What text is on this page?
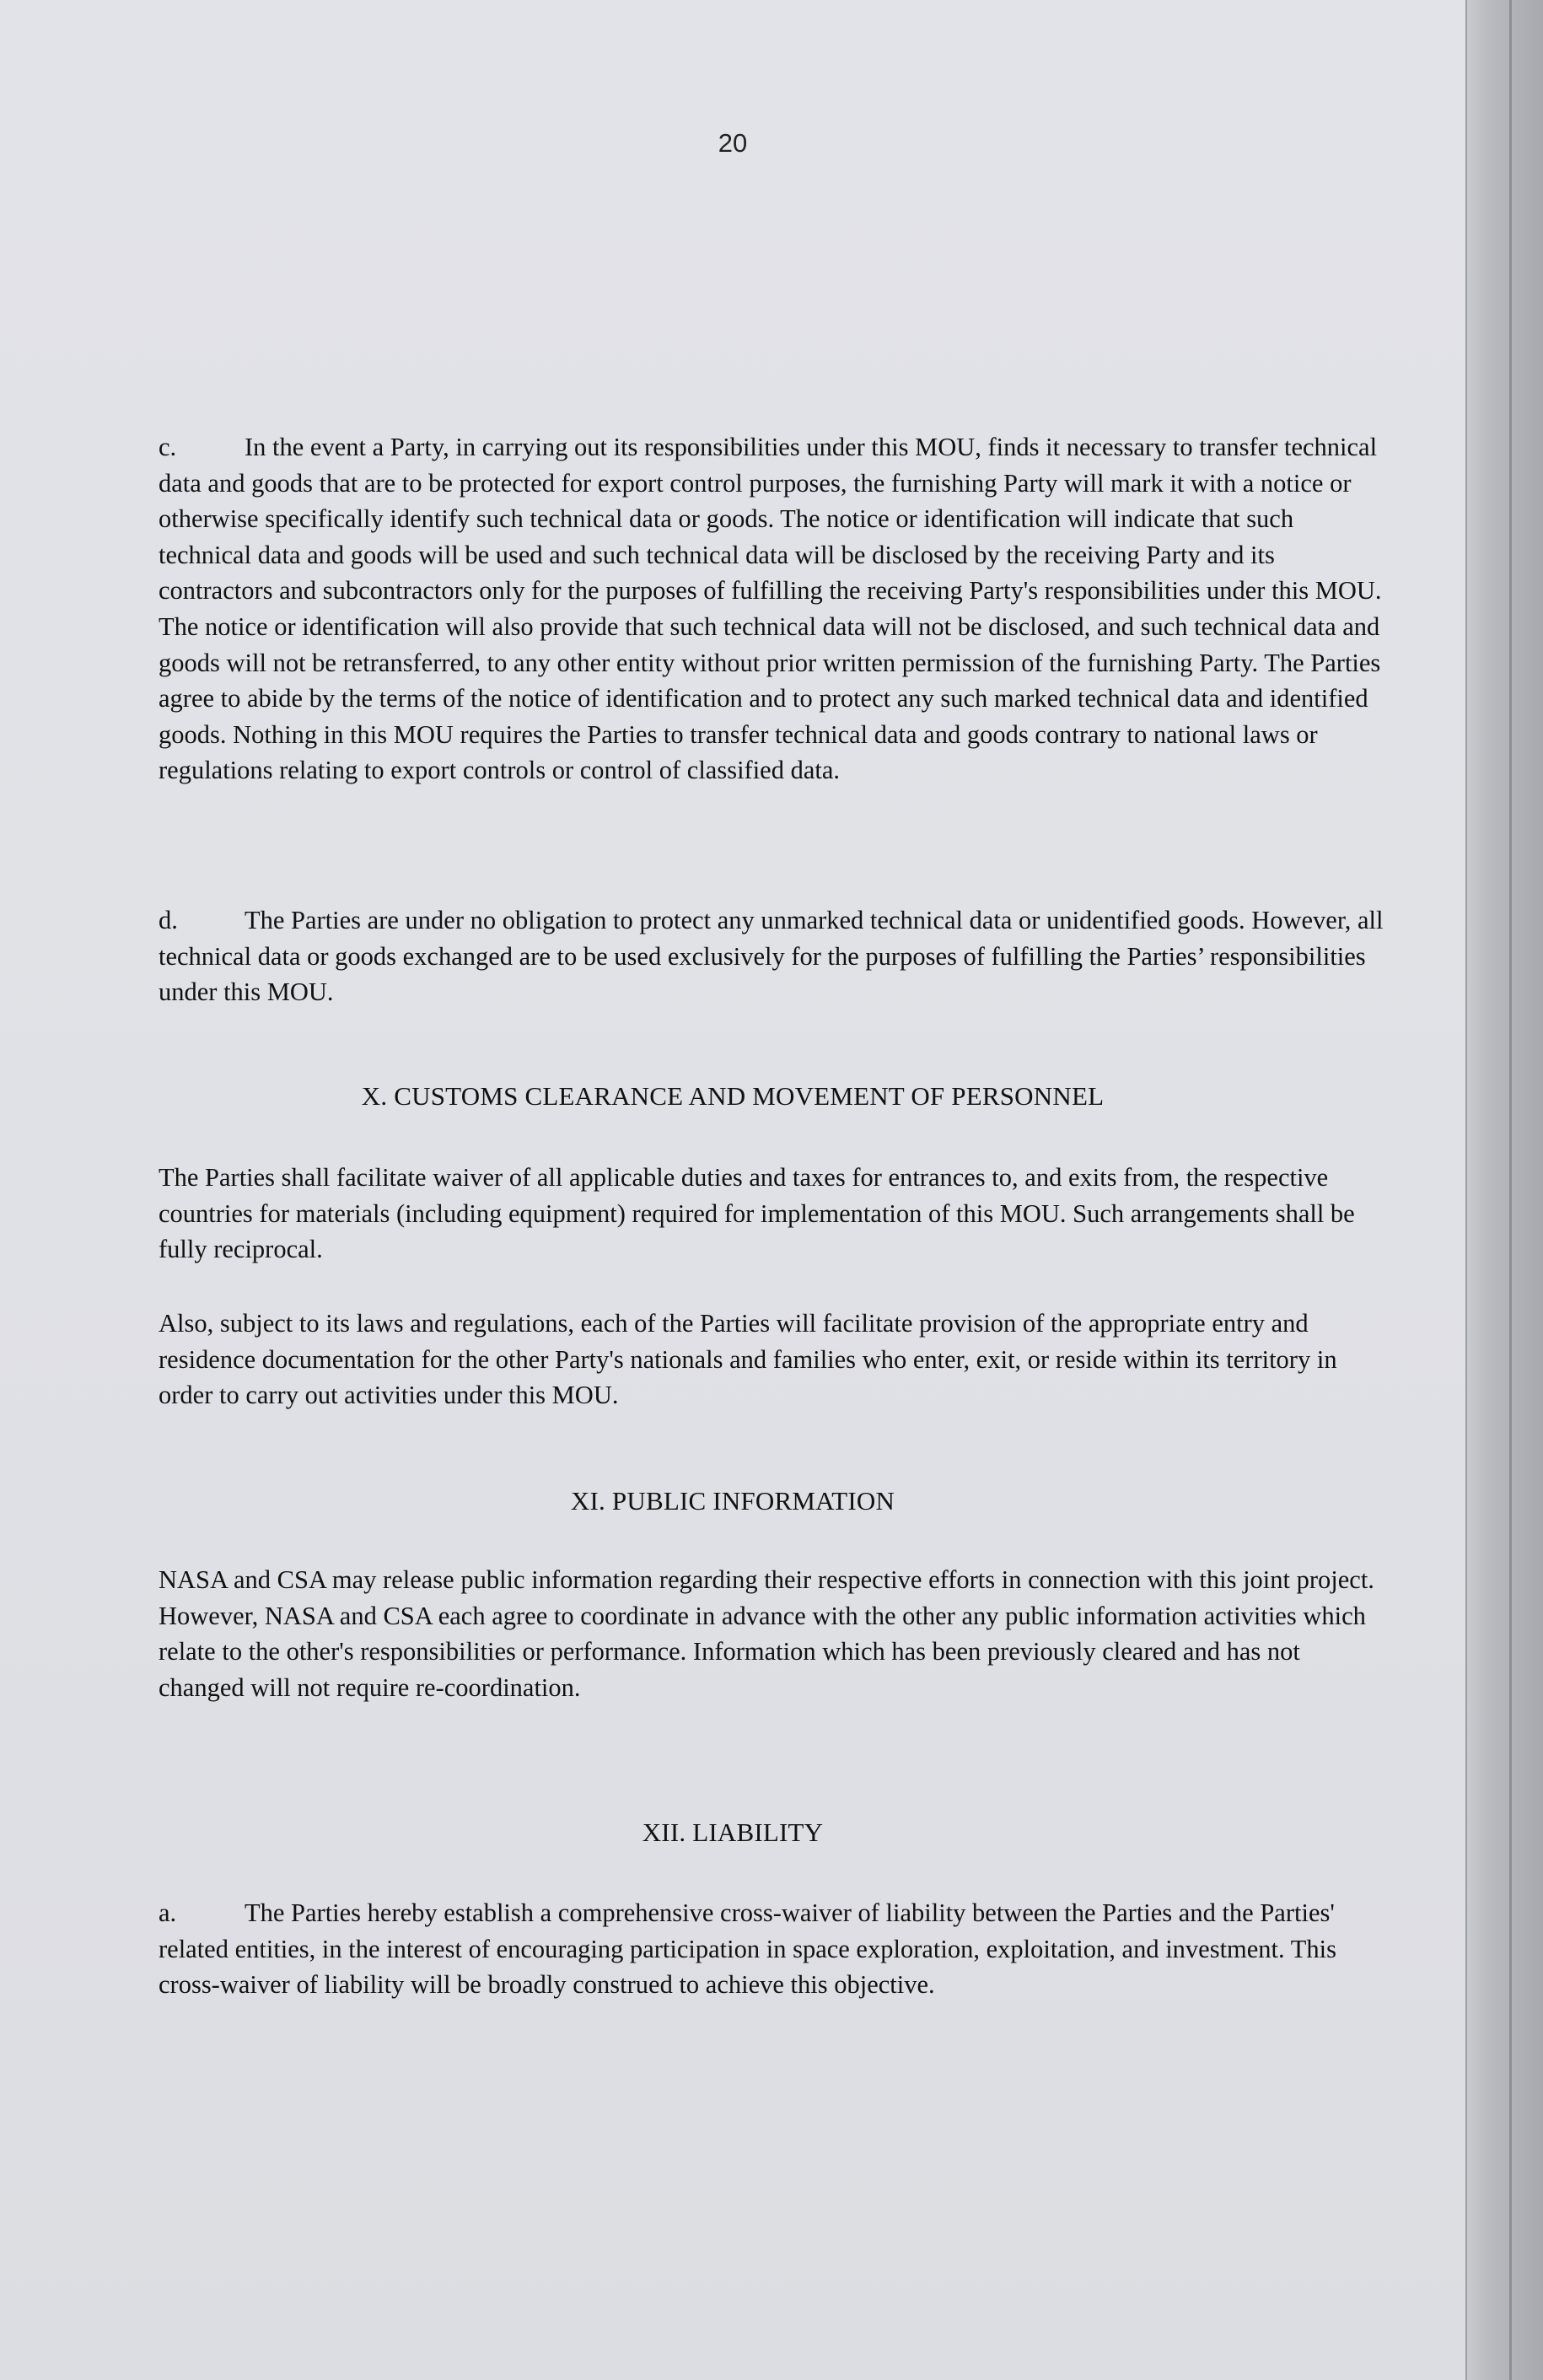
20

c.	In the event a Party, in carrying out its responsibilities under this MOU, finds it necessary to transfer technical data and goods that are to be protected for export control purposes, the furnishing Party will mark it with a notice or otherwise specifically identify such technical data or goods. The notice or identification will indicate that such technical data and goods will be used and such technical data will be disclosed by the receiving Party and its contractors and subcontractors only for the purposes of fulfilling the receiving Party's responsibilities under this MOU. The notice or identification will also provide that such technical data will not be disclosed, and such technical data and goods will not be retransferred, to any other entity without prior written permission of the furnishing Party. The Parties agree to abide by the terms of the notice of identification and to protect any such marked technical data and identified goods. Nothing in this MOU requires the Parties to transfer technical data and goods contrary to national laws or regulations relating to export controls or control of classified data.

d.	The Parties are under no obligation to protect any unmarked technical data or unidentified goods. However, all technical data or goods exchanged are to be used exclusively for the purposes of fulfilling the Parties’ responsibilities under this MOU.

X. CUSTOMS CLEARANCE AND MOVEMENT OF PERSONNEL

The Parties shall facilitate waiver of all applicable duties and taxes for entrances to, and exits from, the respective countries for materials (including equipment) required for implementation of this MOU. Such arrangements shall be fully reciprocal.

Also, subject to its laws and regulations, each of the Parties will facilitate provision of the appropriate entry and residence documentation for the other Party's nationals and families who enter, exit, or reside within its territory in order to carry out activities under this MOU.

XI. PUBLIC INFORMATION

NASA and CSA may release public information regarding their respective efforts in connection with this joint project. However, NASA and CSA each agree to coordinate in advance with the other any public information activities which relate to the other's responsibilities or performance. Information which has been previously cleared and has not changed will not require re-coordination.

XII. LIABILITY

a.	The Parties hereby establish a comprehensive cross-waiver of liability between the Parties and the Parties' related entities, in the interest of encouraging participation in space exploration, exploitation, and investment. This cross-waiver of liability will be broadly construed to achieve this objective.
